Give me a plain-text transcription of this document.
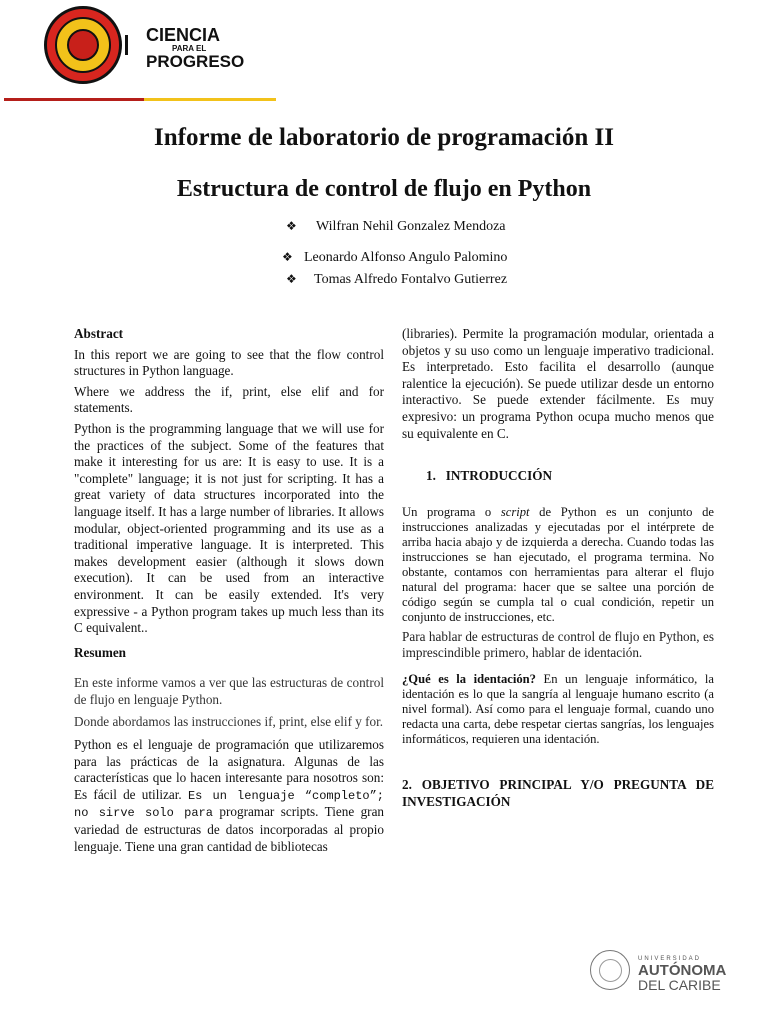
CIENCIA
PARA EL
PROGRESO
Informe de laboratorio de programación II
Estructura de control de flujo en Python
❖ Wilfran Nehil Gonzalez Mendoza
❖ Leonardo Alfonso Angulo Palomino
❖ Tomas Alfredo Fontalvo Gutierrez

Abstract

In this report we are going to see that the flow control structures in Python language.

Where we address the if, print, else elif and for statements.

Python is the programming language that we will use for the practices of the subject. Some of the features that make it interesting for us are: It is easy to use. It is a "complete" language; it is not just for scripting. It has a great variety of data structures incorporated into the language itself. It has a large number of libraries. It allows modular, object-oriented programming and its use as a traditional imperative language. It is interpreted. This makes development easier (although it slows down execution). It can be used from an interactive environment. It can be easily extended. It's very expressive - a Python program takes up much less than its C equivalent..

Resumen

En este informe vamos a ver que las estructuras de control de flujo en lenguaje Python.

Donde abordamos las instrucciones if, print, else elif y for.

Python es el lenguaje de programación que utilizaremos para las prácticas de la asignatura. Algunas de las características que lo hacen interesante para nosotros son: Es fácil de utilizar. Es un lenguaje “completo”; no sirve solo para programar scripts. Tiene gran variedad de estructuras de datos incorporadas al propio lenguaje. Tiene una gran cantidad de bibliotecas

(libraries). Permite la programación modular, orientada a objetos y su uso como un lenguaje imperativo tradicional. Es interpretado. Esto facilita el desarrollo (aunque ralentice la ejecución). Se puede utilizar desde un entorno interactivo. Se puede extender fácilmente. Es muy expresivo: un programa Python ocupa mucho menos que su equivalente en C.

1.   INTRODUCCIÓN

Un programa o script de Python es un conjunto de instrucciones analizadas y ejecutadas por el intérprete de arriba hacia abajo y de izquierda a derecha. Cuando todas las instrucciones se han ejecutado, el programa termina. No obstante, contamos con herramientas para alterar el flujo natural del programa: hacer que se saltee una porción de código según se cumpla tal o cual condición, repetir un conjunto de instrucciones, etc.

Para hablar de estructuras de control de flujo en Python, es imprescindible primero, hablar de identación.

¿Qué es la identación? En un lenguaje informático, la identación es lo que la sangría al lenguaje humano escrito (a nivel formal). Así como para el lenguaje formal, cuando uno redacta una carta, debe respetar ciertas sangrías, los lenguajes informáticos, requieren una identación.

2. OBJETIVO PRINCIPAL Y/O PREGUNTA DE INVESTIGACIÓN

UNIVERSIDAD
AUTÓNOMA
DEL CARIBE
